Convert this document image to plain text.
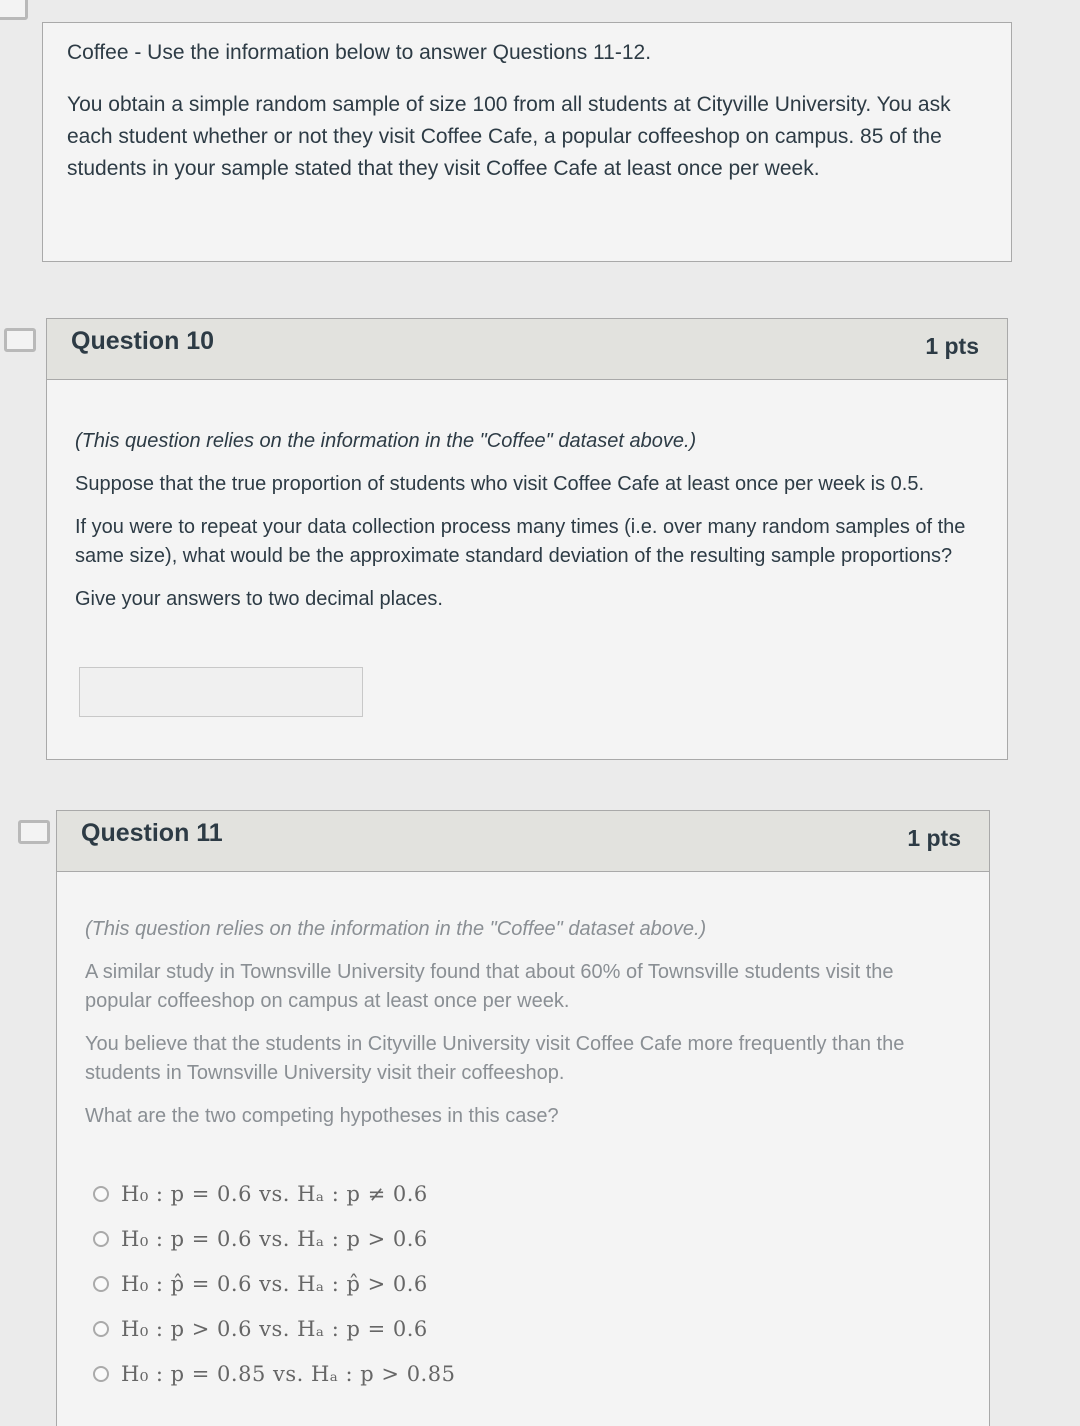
Coffee - Use the information below to answer Questions 11-12.
You obtain a simple random sample of size 100 from all students at Cityville University. You ask each student whether or not they visit Coffee Cafe, a popular coffeeshop on campus. 85 of the students in your sample stated that they visit Coffee Cafe at least once per week.
Question 10	1 pts

(This question relies on the information in the "Coffee" dataset above.)

Suppose that the true proportion of students who visit Coffee Cafe at least once per week is 0.5.

If you were to repeat your data collection process many times (i.e. over many random samples of the same size), what would be the approximate standard deviation of the resulting sample proportions?

Give your answers to two decimal places.

Question 11	1 pts

(This question relies on the information in the "Coffee" dataset above.)

A similar study in Townsville University found that about 60% of Townsville students visit the popular coffeeshop on campus at least once per week.

You believe that the students in Cityville University visit Coffee Cafe more frequently than the students in Townsville University visit their coffeeshop.

What are the two competing hypotheses in this case?

H₀ : p = 0.6 vs. Hₐ : p ≠ 0.6
H₀ : p = 0.6 vs. Hₐ : p > 0.6
H₀ : p̂ = 0.6 vs. Hₐ : p̂ > 0.6
H₀ : p > 0.6 vs. Hₐ : p = 0.6
H₀ : p = 0.85 vs. Hₐ : p > 0.85
